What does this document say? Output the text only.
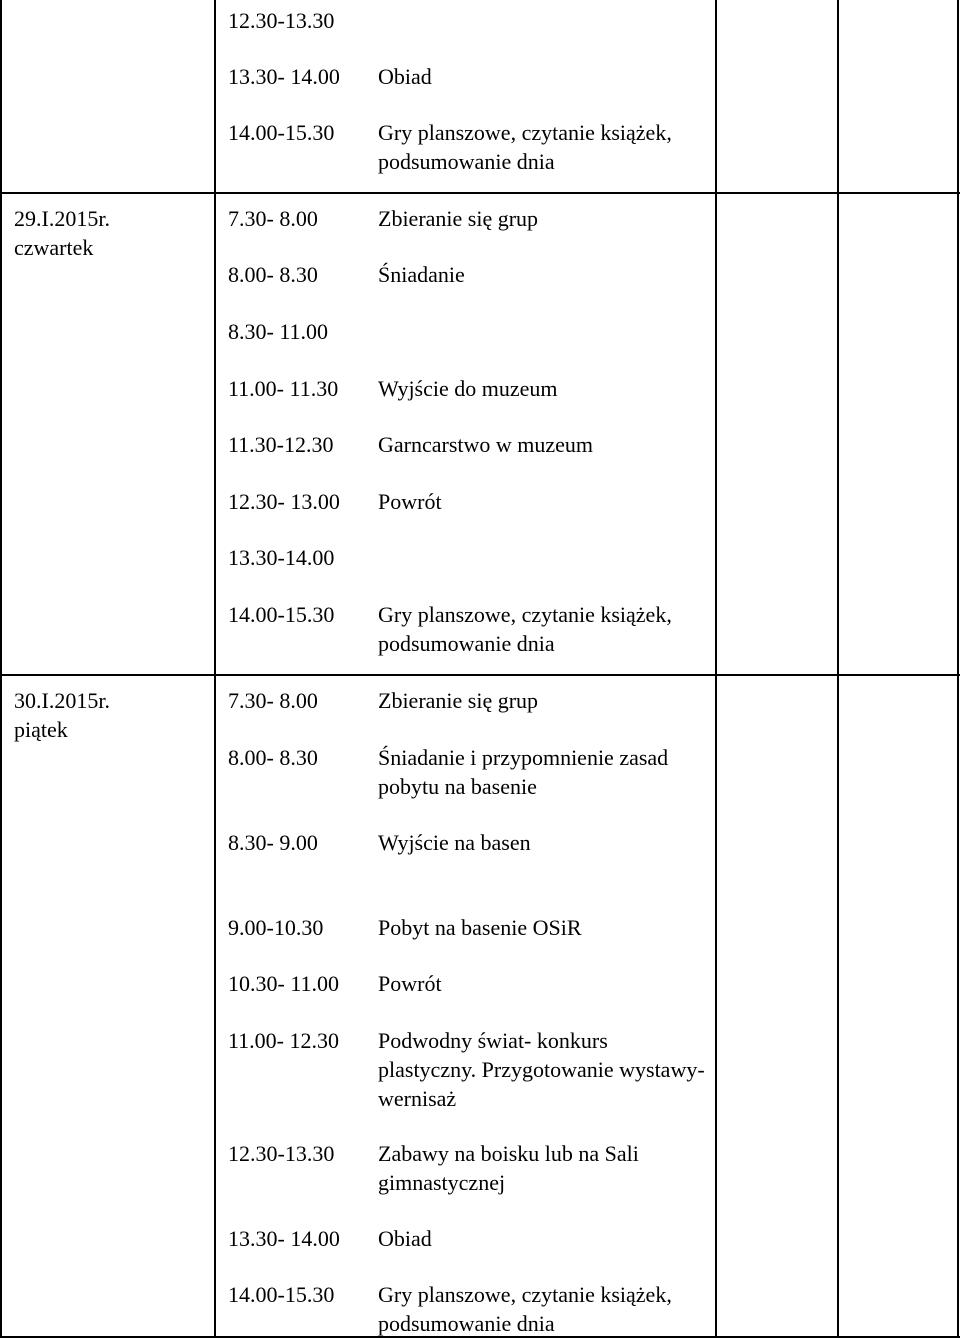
12.30-13.30
13.30- 14.00 Obiad
14.00-15.30 Gry planszowe, czytanie książek, podsumowanie dnia
29.I.2015r.
czwartek
7.30- 8.00	Zbieranie się grup
8.00- 8.30	Śniadanie
8.30- 11.00
11.00- 11.30 Wyjście do muzeum
11.30-12.30 Garncarstwo w muzeum
12.30- 13.00 Powrót
13.30-14.00
14.00-15.30 Gry planszowe, czytanie książek, podsumowanie dnia
30.I.2015r.
piątek
7.30- 8.00	Zbieranie się grup
8.00- 8.30	Śniadanie i przypomnienie zasad pobytu na basenie
8.30- 9.00	Wyjście na basen
9.00-10.30 Pobyt na basenie OSiR
10.30- 11.00 Powrót
11.00- 12.30 Podwodny świat- konkurs plastyczny. Przygotowanie wystawy- wernisaż
12.30-13.30 Zabawy na boisku lub na Sali gimnastycznej
13.30- 14.00 Obiad
14.00-15.30 Gry planszowe, czytanie książek, podsumowanie dnia
